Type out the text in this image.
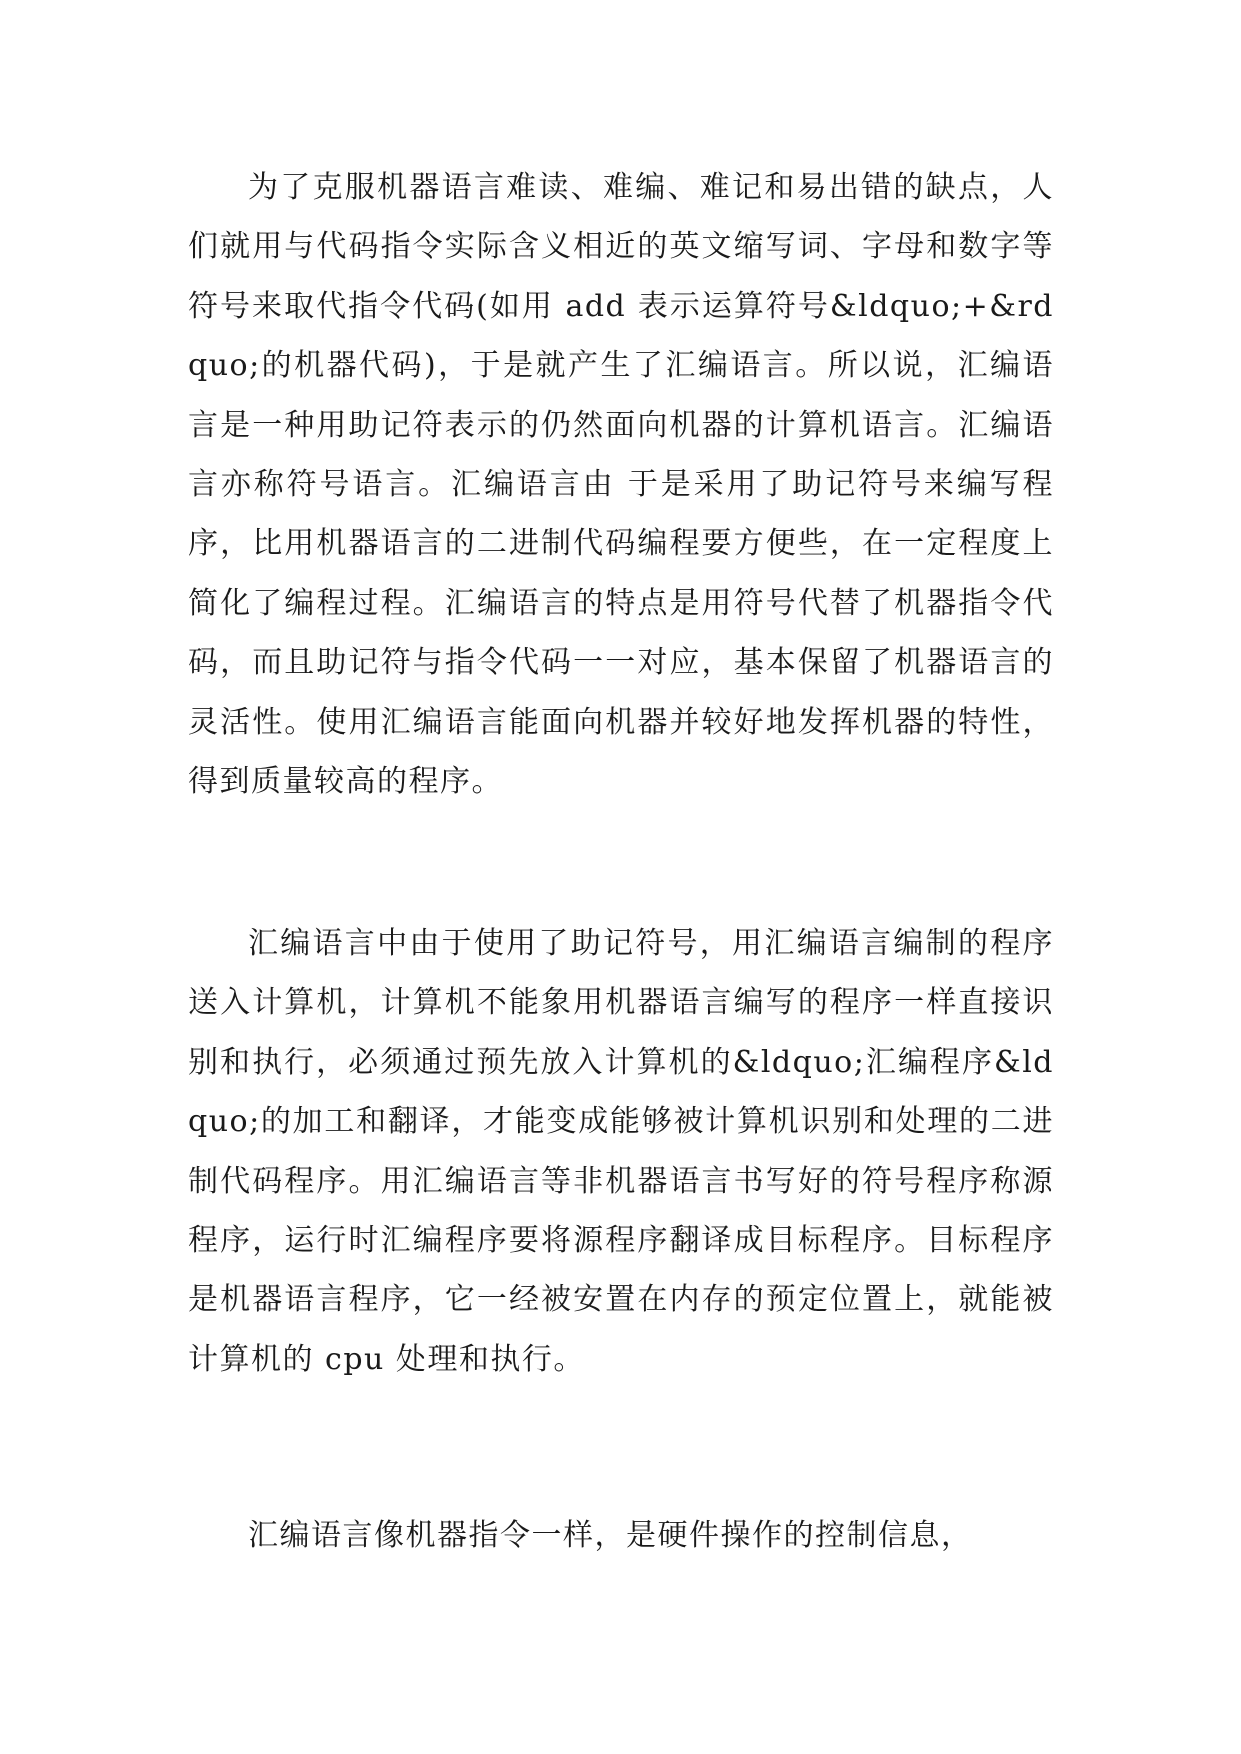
为了克服机器语言难读、难编、难记和易出错的缺点，人们就用与代码指令实际含义相近的英文缩写词、字母和数字等符号来取代指令代码(如用 add 表示运算符号&ldquo;+&rdquo;的机器代码)，于是就产生了汇编语言。所以说，汇编语言是一种用助记符表示的仍然面向机器的计算机语言。汇编语言亦称符号语言。汇编语言由 于是采用了助记符号来编写程序，比用机器语言的二进制代码编程要方便些，在一定程度上简化了编程过程。汇编语言的特点是用符号代替了机器指令代码，而且助记符与指令代码一一对应，基本保留了机器语言的灵活性。使用汇编语言能面向机器并较好地发挥机器的特性，得到质量较高的程序。

汇编语言中由于使用了助记符号，用汇编语言编制的程序送入计算机，计算机不能象用机器语言编写的程序一样直接识别和执行，必须通过预先放入计算机的&ldquo;汇编程序&ldquo;的加工和翻译，才能变成能够被计算机识别和处理的二进制代码程序。用汇编语言等非机器语言书写好的符号程序称源程序，运行时汇编程序要将源程序翻译成目标程序。目标程序是机器语言程序，它一经被安置在内存的预定位置上，就能被计算机的 cpu 处理和执行。

汇编语言像机器指令一样，是硬件操作的控制信息，
